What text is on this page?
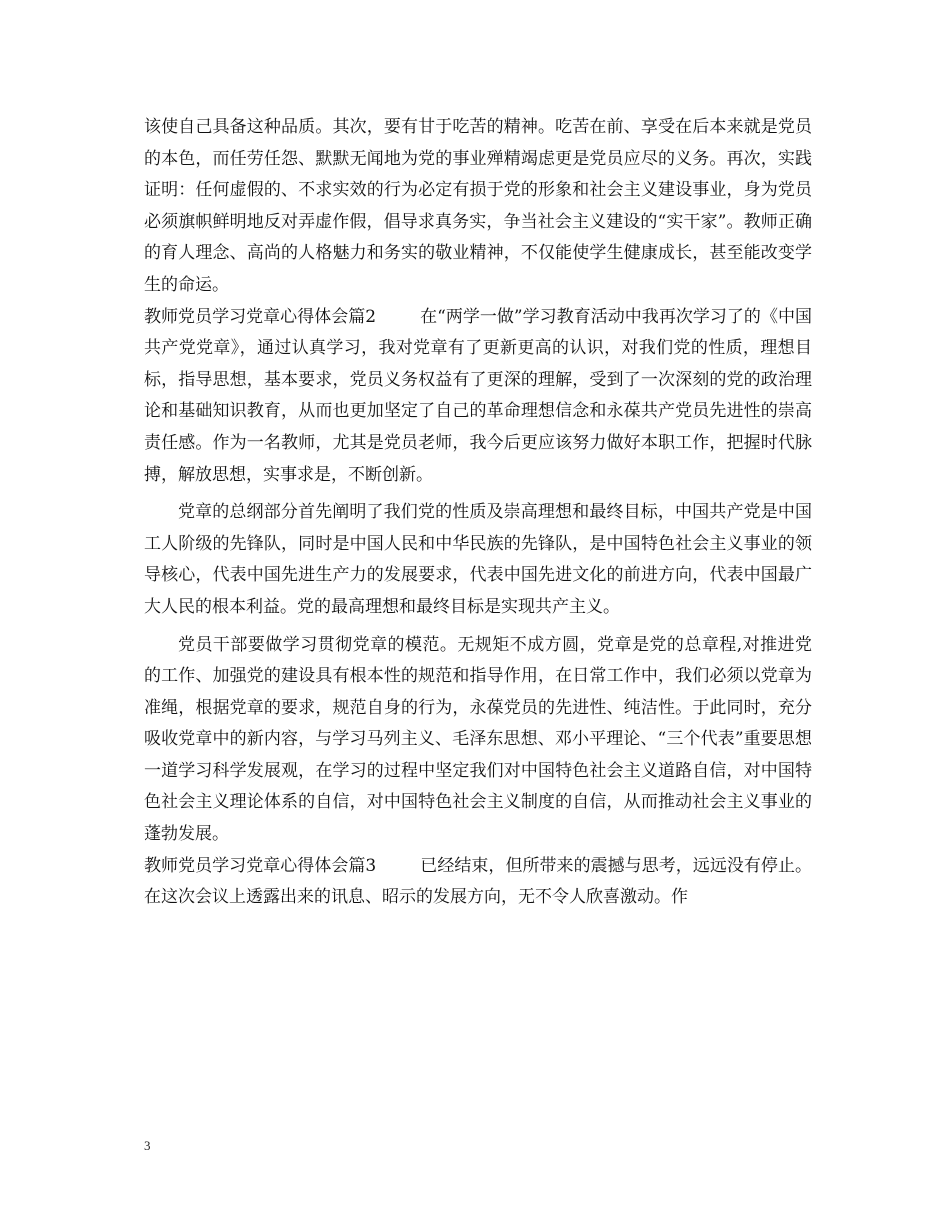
该使自己具备这种品质。其次，要有甘于吃苦的精神。吃苦在前、享受在后本来就是党员的本色，而任劳任怨、默默无闻地为党的事业殚精竭虑更是党员应尽的义务。再次，实践证明：任何虚假的、不求实效的行为必定有损于党的形象和社会主义建设事业，身为党员必须旗帜鲜明地反对弄虚作假，倡导求真务实，争当社会主义建设的“实干家”。教师正确的育人理念、高尚的人格魅力和务实的敬业精神，不仅能使学生健康成长，甚至能改变学生的命运。

教师党员学习党章心得体会篇2	在“两学一做”学习教育活动中我再次学习了的《中国共产党党章》，通过认真学习，我对党章有了更新更高的认识，对我们党的性质，理想目标，指导思想，基本要求，党员义务权益有了更深的理解，受到了一次深刻的党的政治理论和基础知识教育，从而也更加坚定了自己的革命理想信念和永葆共产党员先进性的崇高责任感。作为一名教师，尤其是党员老师，我今后更应该努力做好本职工作，把握时代脉搏，解放思想，实事求是，不断创新。

党章的总纲部分首先阐明了我们党的性质及崇高理想和最终目标，中国共产党是中国工人阶级的先锋队，同时是中国人民和中华民族的先锋队，是中国特色社会主义事业的领导核心，代表中国先进生产力的发展要求，代表中国先进文化的前进方向，代表中国最广大人民的根本利益。党的最高理想和最终目标是实现共产主义。

党员干部要做学习贯彻党章的模范。无规矩不成方圆，党章是党的总章程,对推进党的工作、加强党的建设具有根本性的规范和指导作用，在日常工作中，我们必须以党章为准绳，根据党章的要求，规范自身的行为，永葆党员的先进性、纯洁性。于此同时，充分吸收党章中的新内容，与学习马列主义、毛泽东思想、邓小平理论、“三个代表”重要思想一道学习科学发展观，在学习的过程中坚定我们对中国特色社会主义道路自信，对中国特色社会主义理论体系的自信，对中国特色社会主义制度的自信，从而推动社会主义事业的蓬勃发展。

教师党员学习党章心得体会篇3	已经结束，但所带来的震撼与思考，远远没有停止。在这次会议上透露出来的讯息、昭示的发展方向，无不令人欣喜激动。作

3
